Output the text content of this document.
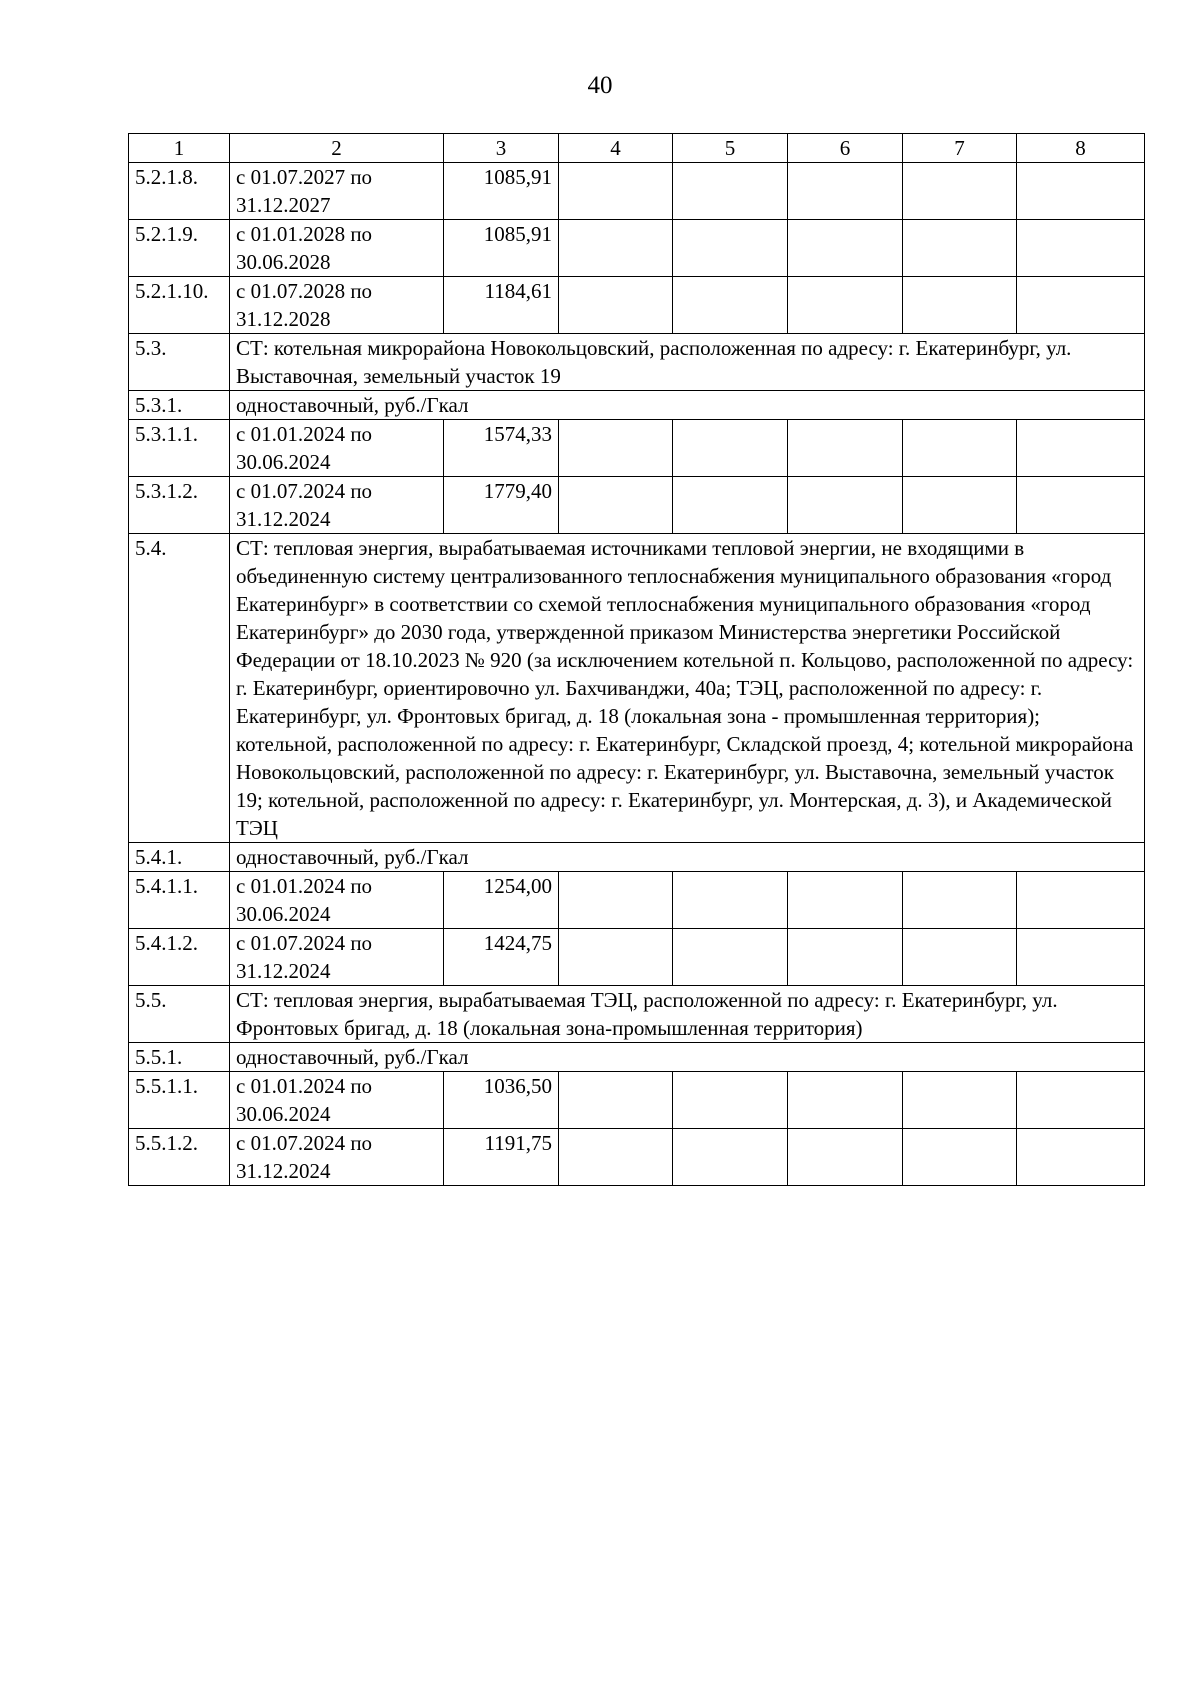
40
1	2	3	4	5	6	7	8
5.2.1.8.	с 01.07.2027 по 31.12.2027	1085,91					
5.2.1.9.	с 01.01.2028 по 30.06.2028	1085,91					
5.2.1.10.	с 01.07.2028 по 31.12.2028	1184,61					
5.3.	СТ: котельная микрорайона Новокольцовский, расположенная по адресу: г. Екатеринбург, ул. Выставочная, земельный участок 19						
5.3.1.	одноставочный, руб./Гкал						
5.3.1.1.	с 01.01.2024 по 30.06.2024	1574,33					
5.3.1.2.	с 01.07.2024 по 31.12.2024	1779,40					
5.4.	СТ: тепловая энергия, вырабатываемая источниками тепловой энергии, не входящими в объединенную систему централизованного теплоснабжения муниципального образования «город Екатеринбург» в соответствии со схемой теплоснабжения муниципального образования «город Екатеринбург» до 2030 года, утвержденной приказом Министерства энергетики Российской Федерации от 18.10.2023 № 920 (за исключением котельной п. Кольцово, расположенной по адресу: г. Екатеринбург, ориентировочно ул. Бахчиванджи, 40а; ТЭЦ, расположенной по адресу: г. Екатеринбург, ул. Фронтовых бригад, д. 18 (локальная зона - промышленная территория); котельной, расположенной по адресу: г. Екатеринбург, Складской проезд, 4; котельной микрорайона Новокольцовский, расположенной по адресу: г. Екатеринбург, ул. Выставочна, земельный участок 19; котельной, расположенной по адресу: г. Екатеринбург, ул. Монтерская, д. 3), и Академической ТЭЦ						
5.4.1.	одноставочный, руб./Гкал						
5.4.1.1.	с 01.01.2024 по 30.06.2024	1254,00					
5.4.1.2.	с 01.07.2024 по 31.12.2024	1424,75					
5.5.	СТ: тепловая энергия, вырабатываемая ТЭЦ, расположенной по адресу: г. Екатеринбург, ул. Фронтовых бригад, д. 18 (локальная зона-промышленная территория)						
5.5.1.	одноставочный, руб./Гкал						
5.5.1.1.	с 01.01.2024 по 30.06.2024	1036,50					
5.5.1.2.	с 01.07.2024 по 31.12.2024	1191,75					
